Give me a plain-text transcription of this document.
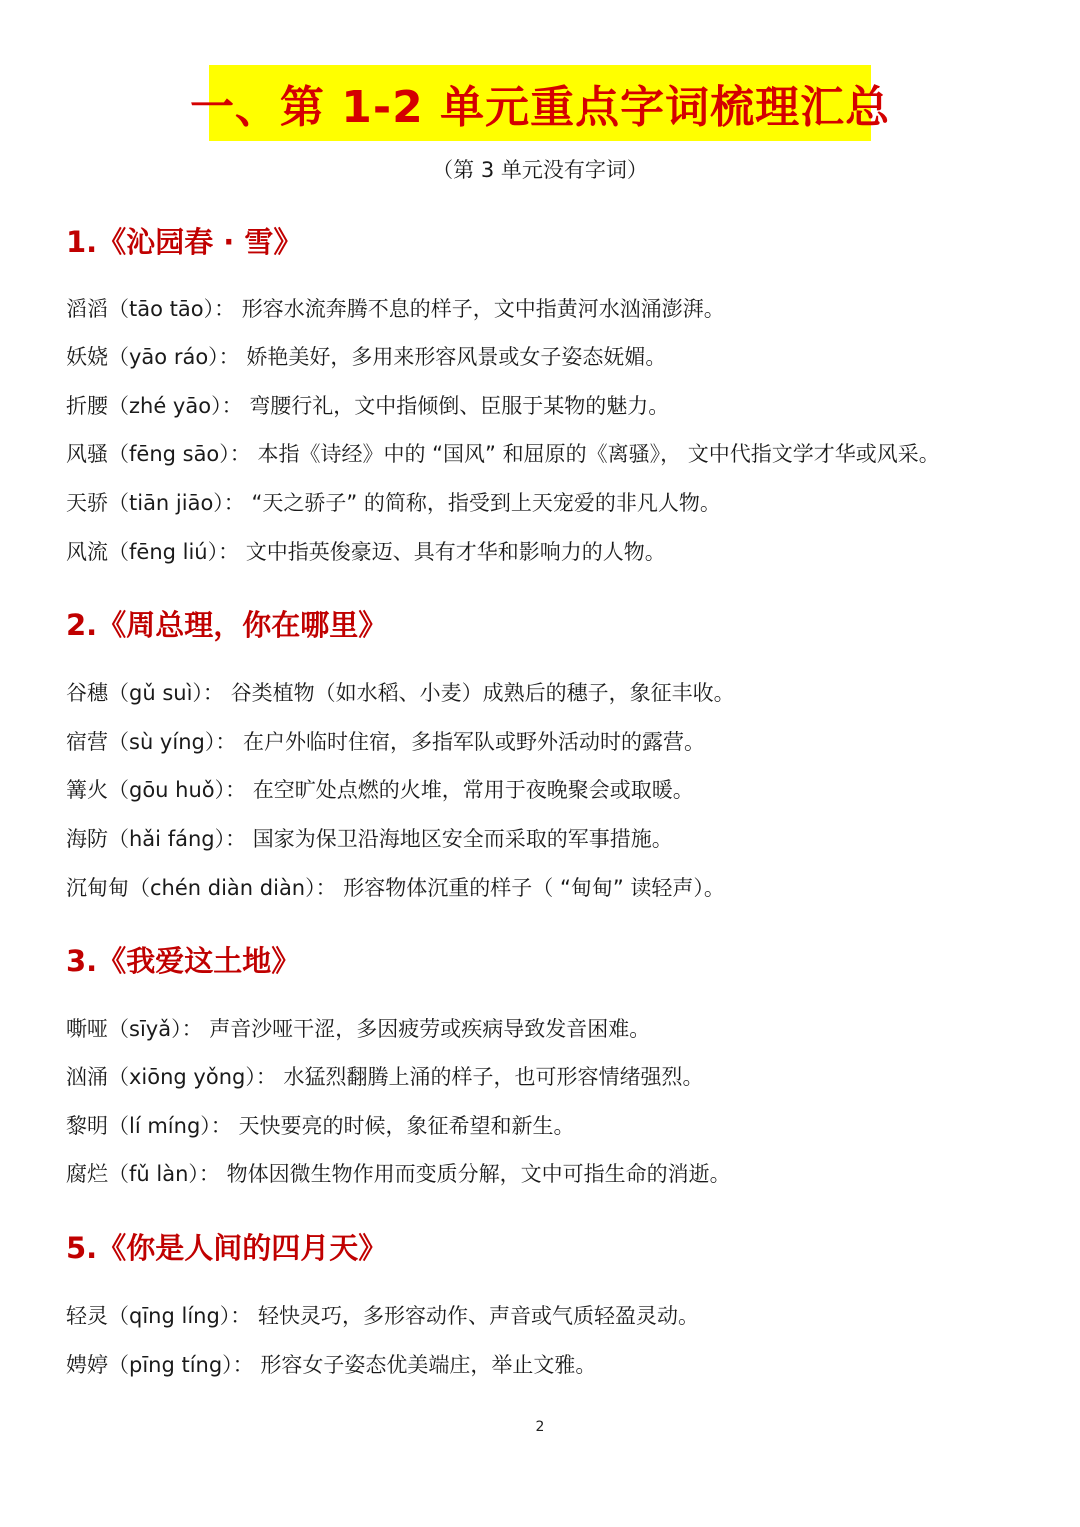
一、第 1-2 单元重点字词梳理汇总
（第 3 单元没有字词）
1.《沁园春 · 雪》
滔滔（tāo tāo）： 形容水流奔腾不息的样子，文中指黄河水汹涌澎湃。
妖娆（yāo ráo）： 娇艳美好，多用来形容风景或女子姿态妩媚。
折腰（zhé yāo）： 弯腰行礼，文中指倾倒、臣服于某物的魅力。
风骚（fēng sāo）： 本指《诗经》中的 “国风” 和屈原的《离骚》， 文中代指文学才华或风采。
天骄（tiān jiāo）： “天之骄子” 的简称，指受到上天宠爱的非凡人物。
风流（fēng liú）： 文中指英俊豪迈、具有才华和影响力的人物。
2.《周总理，你在哪里》
谷穗（gǔ suì）： 谷类植物（如水稻、小麦）成熟后的穗子，象征丰收。
宿营（sù yíng）： 在户外临时住宿，多指军队或野外活动时的露营。
篝火（gōu huǒ）： 在空旷处点燃的火堆，常用于夜晚聚会或取暖。
海防（hǎi fáng）： 国家为保卫沿海地区安全而采取的军事措施。
沉甸甸（chén diàn diàn）： 形容物体沉重的样子（ “甸甸” 读轻声）。
3.《我爱这土地》
嘶哑（sīyǎ）： 声音沙哑干涩，多因疲劳或疾病导致发音困难。
汹涌（xiōng yǒng）： 水猛烈翻腾上涌的样子，也可形容情绪强烈。
黎明（lí míng）： 天快要亮的时候，象征希望和新生。
腐烂（fǔ làn）： 物体因微生物作用而变质分解，文中可指生命的消逝。
5.《你是人间的四月天》
轻灵（qīng líng）： 轻快灵巧，多形容动作、声音或气质轻盈灵动。
娉婷（pīng tíng）： 形容女子姿态优美端庄，举止文雅。
2
